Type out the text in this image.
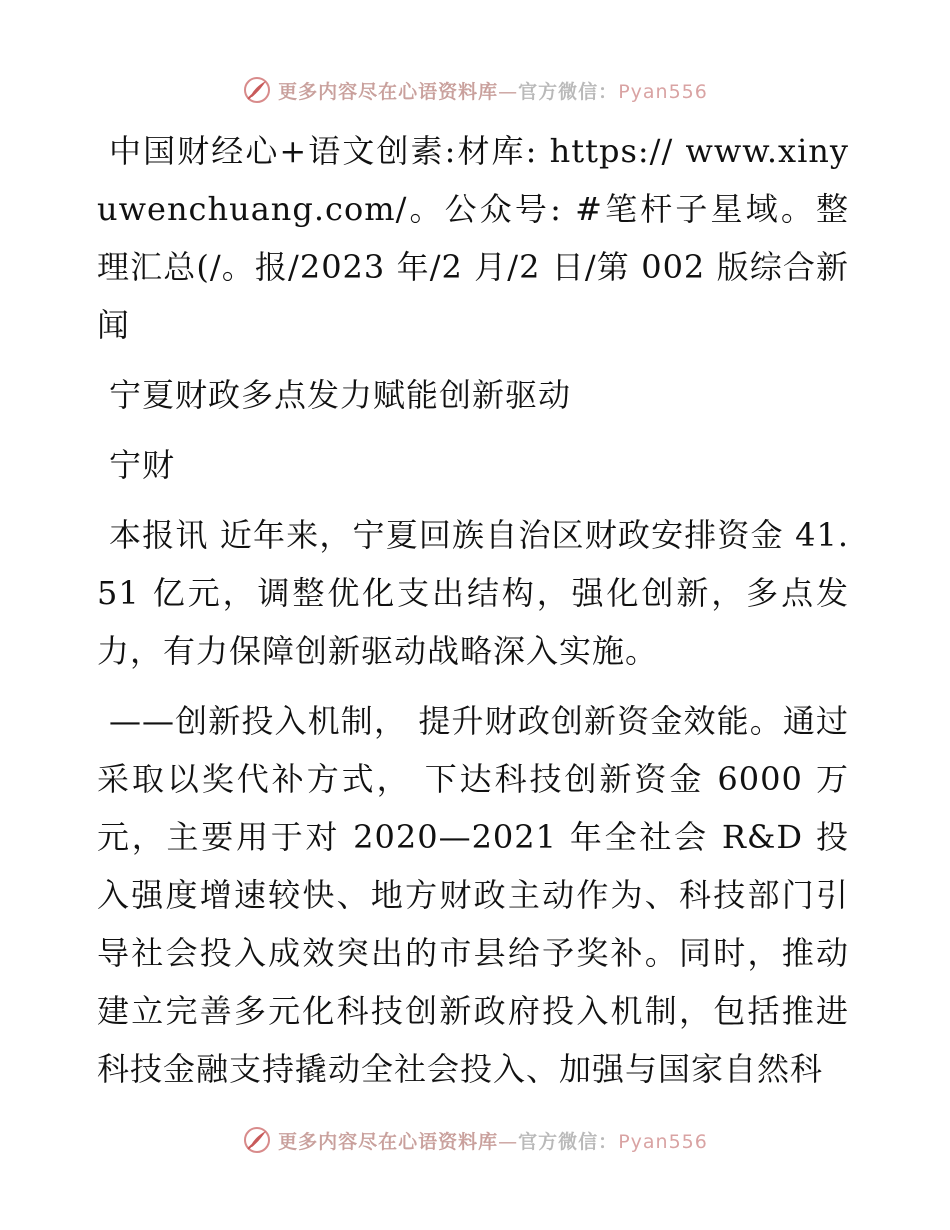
更多内容尽在心语资料库—官方微信：Pyan556

中国财经心+语文创素:材库: https:// www.xinyuwenchuang.com/。公众号: #笔杆子星域。整理汇总(/。报/2023 年/2 月/2 日/第 002 版综合新闻

宁夏财政多点发力赋能创新驱动

宁财

本报讯 近年来，宁夏回族自治区财政安排资金 41.51 亿元，调整优化支出结构，强化创新，多点发力，有力保障创新驱动战略深入实施。

——创新投入机制， 提升财政创新资金效能。通过采取以奖代补方式， 下达科技创新资金 6000 万元，主要用于对 2020—2021 年全社会 R&D 投入强度增速较快、地方财政主动作为、科技部门引导社会投入成效突出的市县给予奖补。同时，推动建立完善多元化科技创新政府投入机制，包括推进科技金融支持撬动全社会投入、加强与国家自然科

更多内容尽在心语资料库—官方微信：Pyan556
